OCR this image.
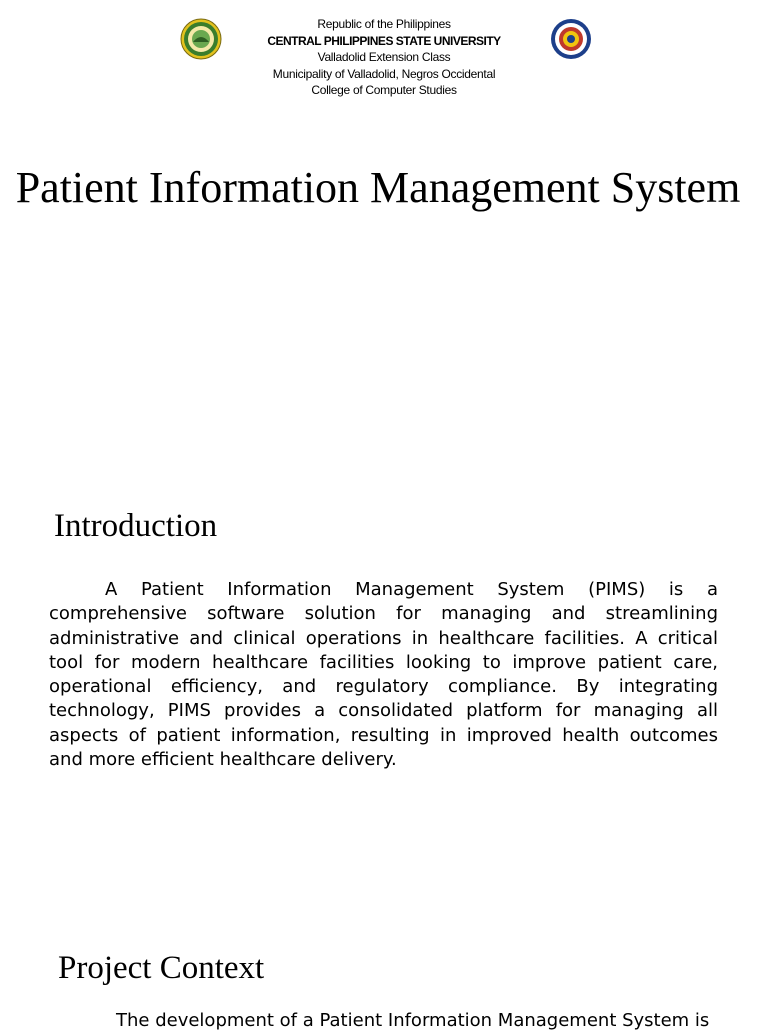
Republic of the Philippines
CENTRAL PHILIPPINES STATE UNIVERSITY
Valladolid Extension Class
Municipality of Valladolid, Negros Occidental
College of Computer Studies
Patient Information Management System
Introduction
A Patient Information Management System (PIMS) is a comprehensive software solution for managing and streamlining administrative and clinical operations in healthcare facilities. A critical tool for modern healthcare facilities looking to improve patient care, operational efficiency, and regulatory compliance. By integrating technology, PIMS provides a consolidated platform for managing all aspects of patient information, resulting in improved health outcomes and more efficient healthcare delivery.
Project Context
The development of a Patient Information Management System is
